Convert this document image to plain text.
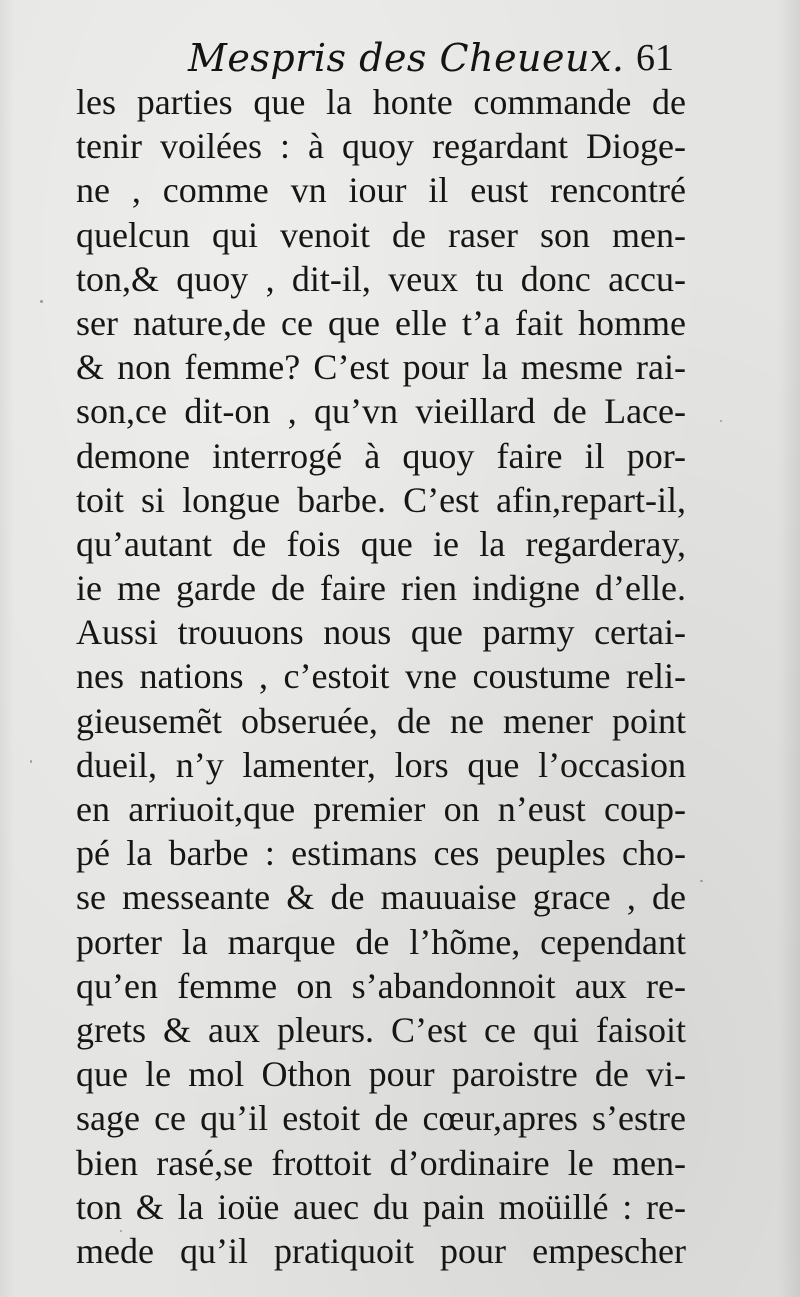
Mespris des Cheueux. 61
les parties que la honte commande de
tenir voilées : à quoy regardant Dioge-
ne , comme vn iour il eust rencontré
quelcun qui venoit de raser son men-
ton,& quoy , dit-il, veux tu donc accu-
ser nature,de ce que elle t’a fait homme
& non femme? C’est pour la mesme rai-
son,ce dit-on , qu’vn vieillard de Lace-
demone interrogé à quoy faire il por-
toit si longue barbe. C’est afin,repart-il,
qu’autant de fois que ie la regarderay,
ie me garde de faire rien indigne d’elle.
Aussi trouuons nous que parmy certai-
nes nations , c’estoit vne coustume reli-
gieusemẽt obseruée, de ne mener point
dueil, n’y lamenter, lors que l’occasion
en arriuoit,que premier on n’eust coup-
pé la barbe : estimans ces peuples cho-
se messeante & de mauuaise grace , de
porter la marque de l’hõme, cependant
qu’en femme on s’abandonnoit aux re-
grets & aux pleurs. C’est ce qui faisoit
que le mol Othon pour paroistre de vi-
sage ce qu’il estoit de cœur,apres s’estre
bien rasé,se frottoit d’ordinaire le men-
ton & la ioüe auec du pain moüillé : re-
mede qu’il pratiquoit pour empescher
